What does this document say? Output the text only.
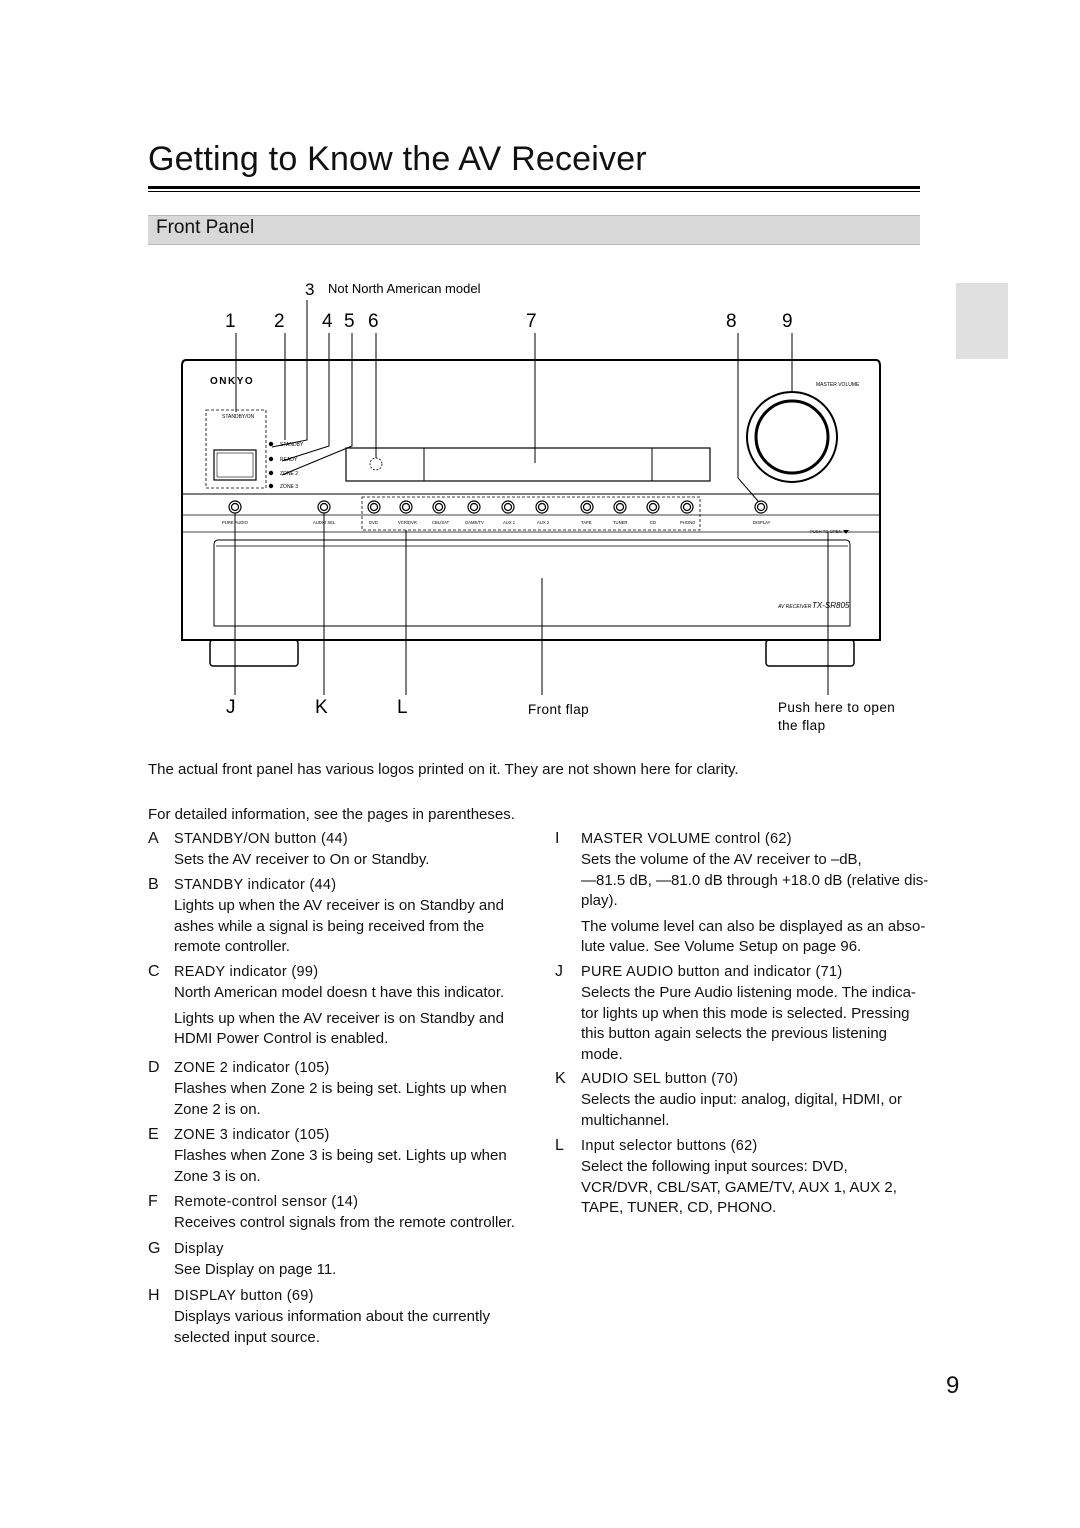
Getting to Know the AV Receiver
Front Panel
3 Not North American model
1 2 4 5 6	7	8 9
ONKYO	MASTER VOLUME
STANDBY/ON
STANDBY
READY
ZONE 2
ZONE 3
PURE AUDIO	AUDIO SEL	DVD	VCR/DVR	CBL/SAT	GAME/TV	AUX 1	AUX 2	TAPE	TUNER	CD	PHONO	DISPLAY
PUSH TO OPEN
AV RECEIVER TX-SR805
J	K	L	Front flap	Push here to open
the flap
The actual front panel has various logos printed on it. They are not shown here for clarity.
For detailed information, see the pages in parentheses.
A STANDBY/ON button (44)
Sets the AV receiver to On or Standby.
B STANDBY indicator (44)
Lights up when the AV receiver is on Standby and
ashes while a signal is being received from the
remote controller.
C READY indicator (99)
North American model doesn t have this indicator.
Lights up when the AV receiver is on Standby and
HDMI Power Control is enabled.
D ZONE 2 indicator (105)
Flashes when Zone 2 is being set. Lights up when
Zone 2 is on.
E ZONE 3 indicator (105)
Flashes when Zone 3 is being set. Lights up when
Zone 3 is on.
F Remote-control sensor (14)
Receives control signals from the remote controller.
G Display
See Display on page 11.
H DISPLAY button (69)
Displays various information about the currently
selected input source.
I MASTER VOLUME control (62)
Sets the volume of the AV receiver to –dB,
—81.5 dB, —81.0 dB through +18.0 dB (relative dis-
play).
The volume level can also be displayed as an abso-
lute value. See Volume Setup on page 96.
J PURE AUDIO button and indicator (71)
Selects the Pure Audio listening mode. The indica-
tor lights up when this mode is selected. Pressing
this button again selects the previous listening
mode.
K AUDIO SEL button (70)
Selects the audio input: analog, digital, HDMI, or
multichannel.
L Input selector buttons (62)
Select the following input sources: DVD,
VCR/DVR, CBL/SAT, GAME/TV, AUX 1, AUX 2,
TAPE, TUNER, CD, PHONO.
9
